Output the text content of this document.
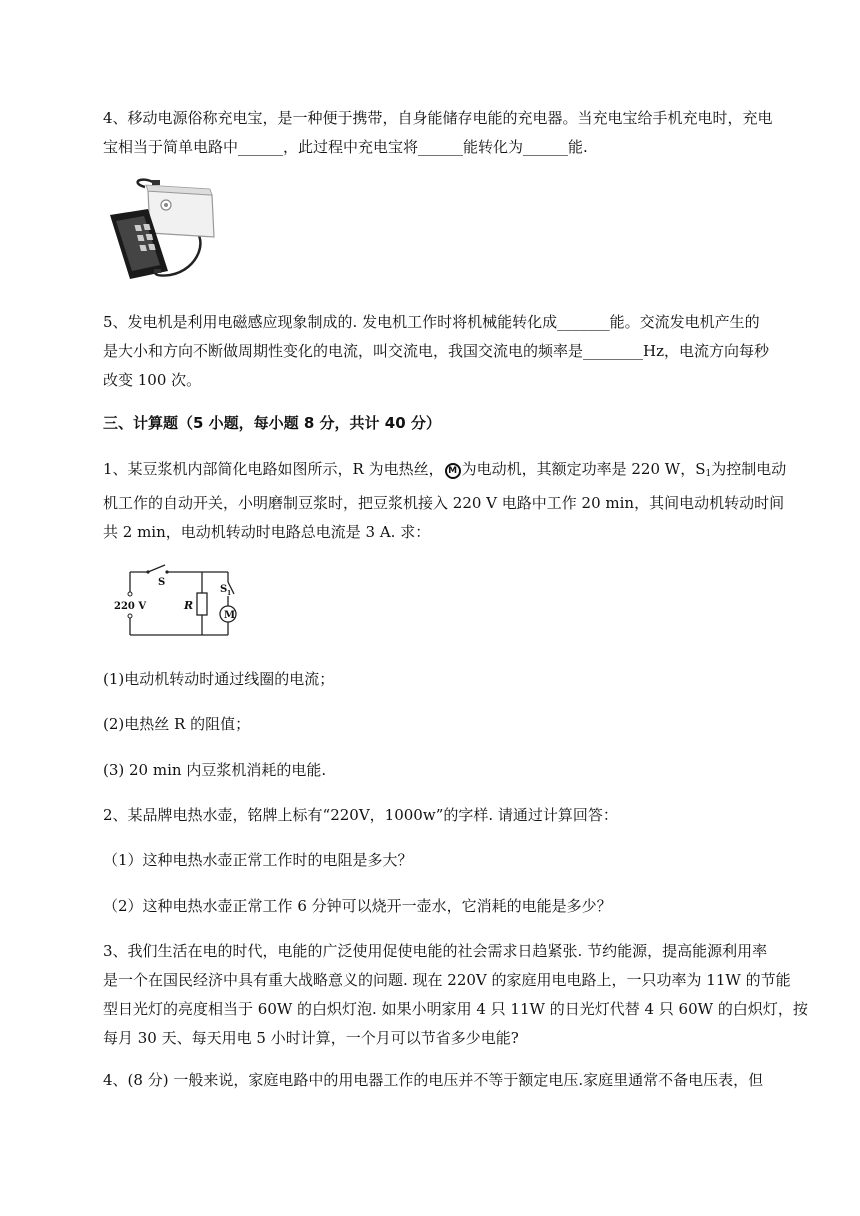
4、移动电源俗称充电宝，是一种便于携带，自身能储存电能的充电器。当充电宝给手机充电时，充电
宝相当于简单电路中______，此过程中充电宝将______能转化为______能.
5、发电机是利用电磁感应现象制成的. 发电机工作时将机械能转化成_______能。交流发电机产生的
是大小和方向不断做周期性变化的电流，叫交流电，我国交流电的频率是________Hz，电流方向每秒
改变 100 次。
三、计算题（5 小题，每小题 8 分，共计 40 分）
1、某豆浆机内部简化电路如图所示，R 为电热丝， M 为电动机，其额定功率是 220 W，$S_1$为控制电动
机工作的自动开关，小明磨制豆浆时，把豆浆机接入 220 V 电路中工作 20 min，其间电动机转动时间
共 2 min，电动机转动时电路总电流是 3 A. 求：
S
220 V	R
S 1
M
(1)电动机转动时通过线圈的电流；
(2)电热丝 R 的阻值；
(3) 20 min 内豆浆机消耗的电能.
2、某品牌电热水壶，铭牌上标有“220V，1000w”的字样. 请通过计算回答：
（1）这种电热水壶正常工作时的电阻是多大？
（2）这种电热水壶正常工作 6 分钟可以烧开一壶水，它消耗的电能是多少？
3、我们生活在电的时代，电能的广泛使用促使电能的社会需求日趋紧张. 节约能源，提高能源利用率
是一个在国民经济中具有重大战略意义的问题. 现在 220V 的家庭用电电路上，一只功率为 11W 的节能
型日光灯的亮度相当于 60W 的白炽灯泡. 如果小明家用 4 只 11W 的日光灯代替 4 只 60W 的白炽灯，按
每月 30 天、每天用电 5 小时计算，一个月可以节省多少电能?
4、(8 分) 一般来说，家庭电路中的用电器工作的电压并不等于额定电压.家庭里通常不备电压表，但
